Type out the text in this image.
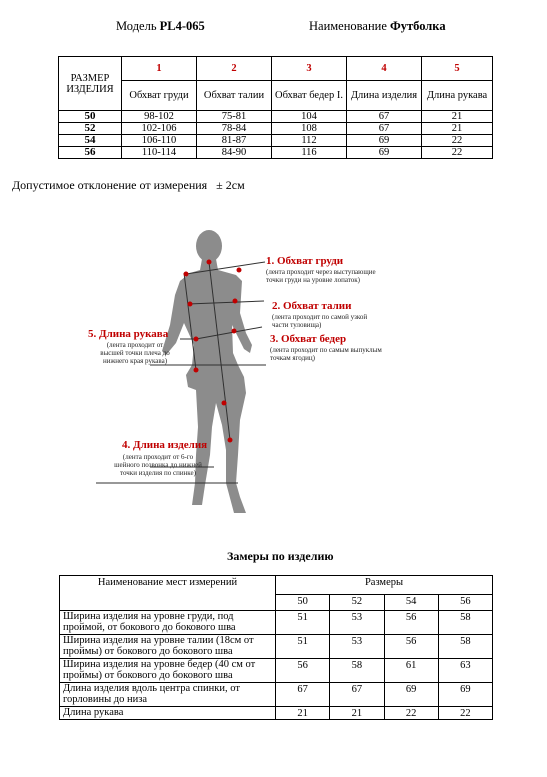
Модель PL4-065	Наименование Футболка
РАЗМЕР ИЗДЕЛИЯ	1	2	3	4	5
	Обхват груди	Обхват талии	Обхват бедер I.	Длина изделия	Длина рукава
50	98-102	75-81	104	67	21
52	102-106	78-84	108	67	21
54	106-110	81-87	112	69	22
56	110-114	84-90	116	69	22
Допустимое отклонение от измерения   ± 2см
1. Обхват груди
(лента проходит через выступающие
точки груди на уровне лопаток)
2. Обхват талии
(лента проходит по самой узкой
части туловища)
3. Обхват бедер
(лента проходит по самым выпуклым
точкам ягодиц)
5. Длина рукава
(лента проходит от
высшей точки плеча до
нижнего края рукава)
4. Длина изделия
(лента проходит от 6-го
шейного позвонка до нижней
точки изделия по спинке)
Замеры по изделию
Наименование мест измерений	Размеры			
	50	52	54	56
Ширина изделия на уровне груди, под проймой, от бокового до бокового шва	51	53	56	58
Ширина изделия на уровне талии (18см от проймы) от бокового до бокового шва	51	53	56	58
Ширина изделия на уровне бедер (40 см от проймы) от бокового до бокового шва	56	58	61	63
Длина изделия вдоль центра спинки, от горловины до низа	67	67	69	69
Длина рукава	21	21	22	22
